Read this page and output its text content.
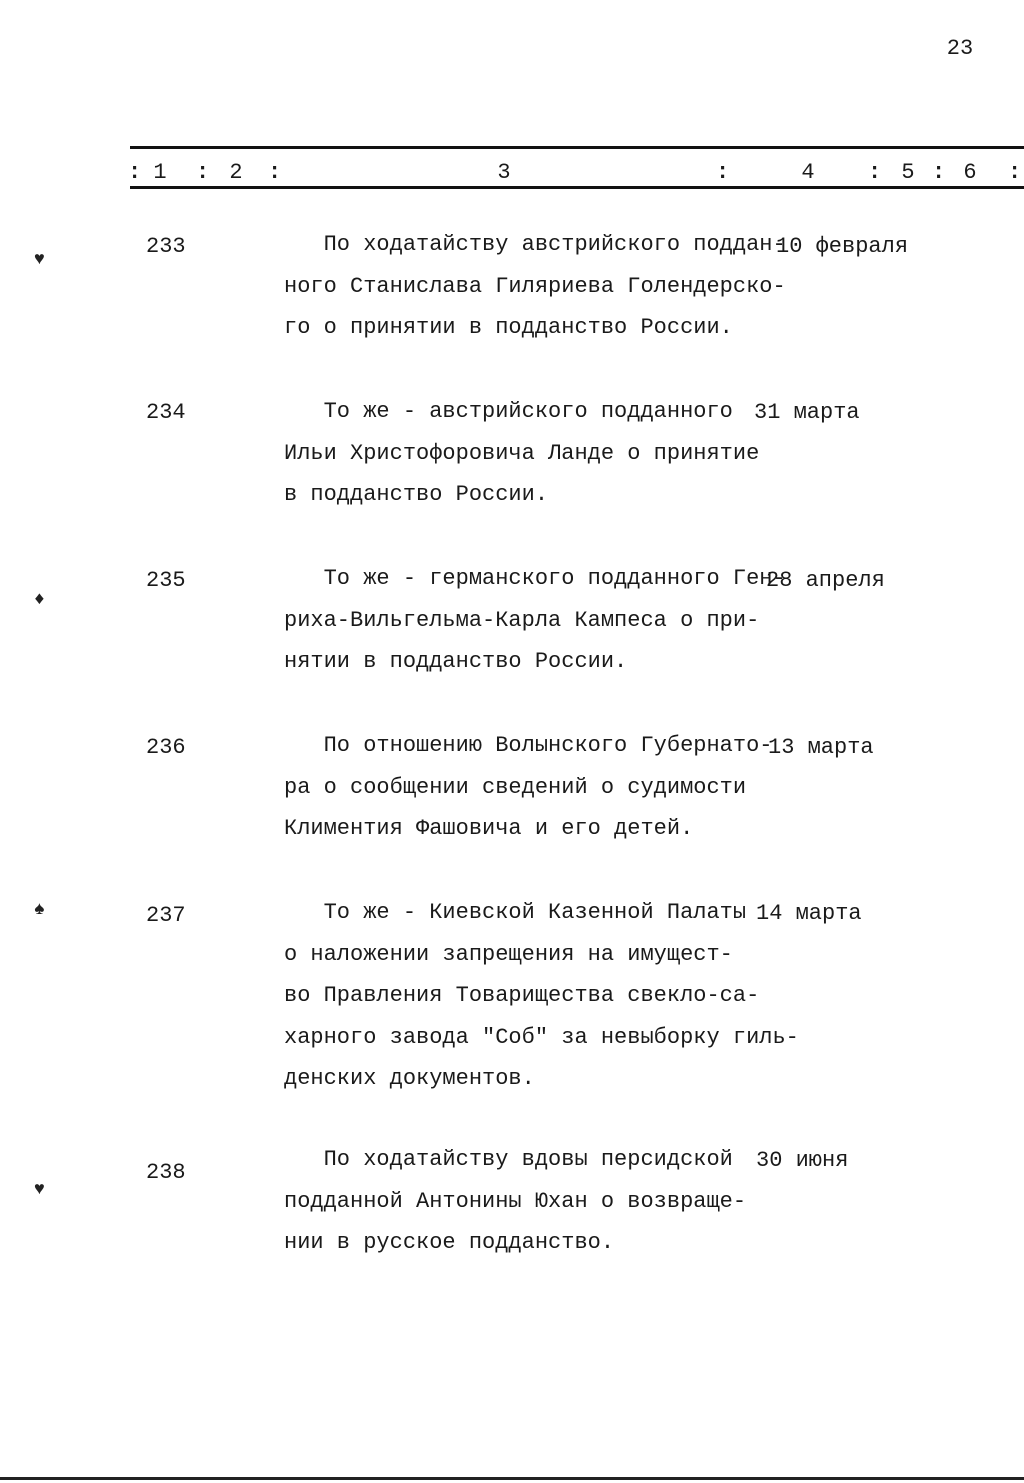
23
: 1 : 2 :	3	:	4 : 5 : 6 :
233	По ходатайству австрийского поддан-
ного Станислава Гиляриева Голендерско-
го о принятии в подданство России.
10 февраля
234	То же - австрийского подданного
Ильи Христофоровича Ланде о принятие
в подданство России.
31 марта
235	То же - германского подданного Ген-
риха-Вильгельма-Карла Кампеса о при-
нятии в подданство России.
28 апреля
236	По отношению Волынского Губернато-
ра о сообщении сведений о судимости
Климентия Фашовича и его детей.
13 марта
237	То же - Киевской Казенной Палаты
о наложении запрещения на имущест-
во Правления Товарищества свекло-са-
харного завода "Соб" за невыборку гиль-
денских документов.
14 марта
238
По ходатайству вдовы персидской
подданной Антонины Юхан о возвраще-
нии в русское подданство.
30 июня
♥
♦
♠
♥
